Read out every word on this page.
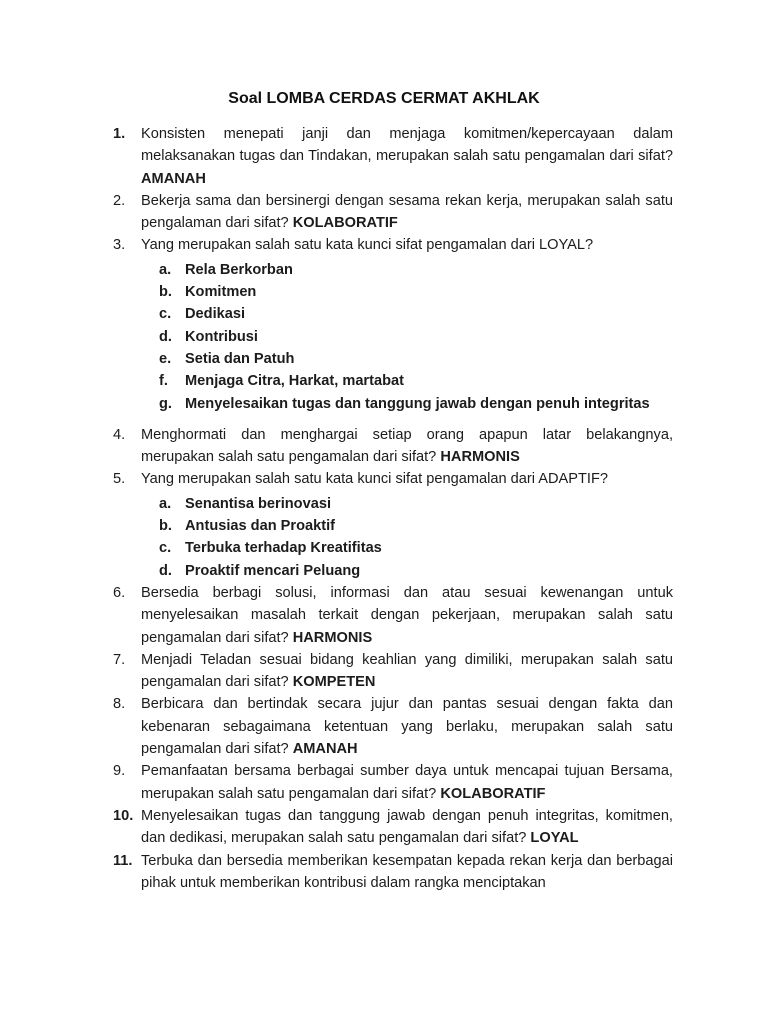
Soal LOMBA CERDAS CERMAT AKHLAK
1.	Konsisten menepati janji dan menjaga komitmen/kepercayaan dalam melaksanakan tugas dan Tindakan, merupakan salah satu pengamalan dari sifat? AMANAH
2.	Bekerja sama dan bersinergi dengan sesama rekan kerja, merupakan salah satu pengalaman dari sifat? KOLABORATIF
3.	Yang merupakan salah satu kata kunci sifat pengamalan dari LOYAL?
a. Rela Berkorban
b. Komitmen
c. Dedikasi
d. Kontribusi
e. Setia dan Patuh
f.	Menjaga Citra, Harkat, martabat
g. Menyelesaikan tugas dan tanggung jawab dengan penuh integritas
4.	Menghormati dan menghargai setiap orang apapun latar belakangnya, merupakan salah satu pengamalan dari sifat? HARMONIS
5.	Yang merupakan salah satu kata kunci sifat pengamalan dari ADAPTIF?
a. Senantisa berinovasi
b. Antusias dan Proaktif
c. Terbuka terhadap Kreatifitas
d. Proaktif mencari Peluang
6.	Bersedia berbagi solusi, informasi dan atau sesuai kewenangan untuk menyelesaikan masalah terkait dengan pekerjaan, merupakan salah satu pengamalan dari sifat? HARMONIS
7.	Menjadi Teladan sesuai bidang keahlian yang dimiliki, merupakan salah satu pengamalan dari sifat? KOMPETEN
8.	Berbicara dan bertindak secara jujur dan pantas sesuai dengan fakta dan kebenaran sebagaimana ketentuan yang berlaku, merupakan salah satu pengamalan dari sifat? AMANAH
9.	Pemanfaatan bersama berbagai sumber daya untuk mencapai tujuan Bersama, merupakan salah satu pengamalan dari sifat? KOLABORATIF
10. Menyelesaikan tugas dan tanggung jawab dengan penuh integritas, komitmen, dan dedikasi, merupakan salah satu pengamalan dari sifat? LOYAL
11. Terbuka dan bersedia memberikan kesempatan kepada rekan kerja dan berbagai pihak untuk memberikan kontribusi dalam rangka menciptakan
